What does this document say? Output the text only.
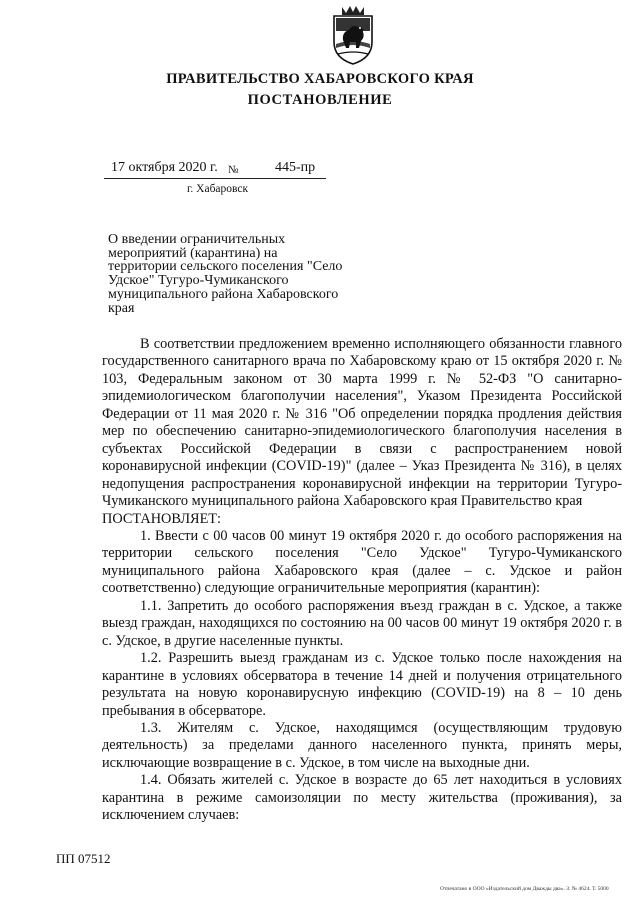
ПРАВИТЕЛЬСТВО ХАБАРОВСКОГО КРАЯ
ПОСТАНОВЛЕНИЕ
17 октября 2020 г. №	445-пр
г. Хабаровск
О введении ограничительных мероприятий (карантина) на территории сельского поселения "Село Удское" Тугуро-Чумиканского муниципального района Хабаровского края

В соответствии предложением временно исполняющего обязанности главного государственного санитарного врача по Хабаровскому краю от 15 октября 2020 г. № 103, Федеральным законом от 30 марта 1999 г. № 52-ФЗ "О санитарно-эпидемиологическом благополучии населения", Указом Президента Российской Федерации от 11 мая 2020 г. № 316 "Об определении порядка продления действия мер по обеспечению санитарно-эпидемиологического благополучия населения в субъектах Российской Федерации в связи с распространением новой коронавирусной инфекции (COVID-19)" (далее – Указ Президента № 316), в целях недопущения распространения коронавирусной инфекции на территории Тугуро-Чумиканского муниципального района Хабаровского края Правительство края

ПОСТАНОВЛЯЕТ:

1. Ввести с 00 часов 00 минут 19 октября 2020 г. до особого распоряжения на территории сельского поселения "Село Удское" Тугуро-Чумиканского муниципального района Хабаровского края (далее – с. Удское и район соответственно) следующие ограничительные мероприятия (карантин):

1.1. Запретить до особого распоряжения въезд граждан в с. Удское, а также выезд граждан, находящихся по состоянию на 00 часов 00 минут 19 октября 2020 г. в с. Удское, в другие населенные пункты.

1.2. Разрешить выезд гражданам из с. Удское только после нахождения на карантине в условиях обсерватора в течение 14 дней и получения отрицательного результата на новую коронавирусную инфекцию (COVID-19) на 8 – 10 день пребывания в обсерваторе.

1.3. Жителям с. Удское, находящимся (осуществляющим трудовую деятельность) за пределами данного населенного пункта, принять меры, исключающие возвращение в с. Удское, в том числе на выходные дни.

1.4. Обязать жителей с. Удское в возрасте до 65 лет находиться в условиях карантина в режиме самоизоляции по месту жительства (проживания), за исключением случаев:

ПП 07512
Отпечатано в ООО «Издательский дом Дважды два». З. № 4624. Т. 5000
